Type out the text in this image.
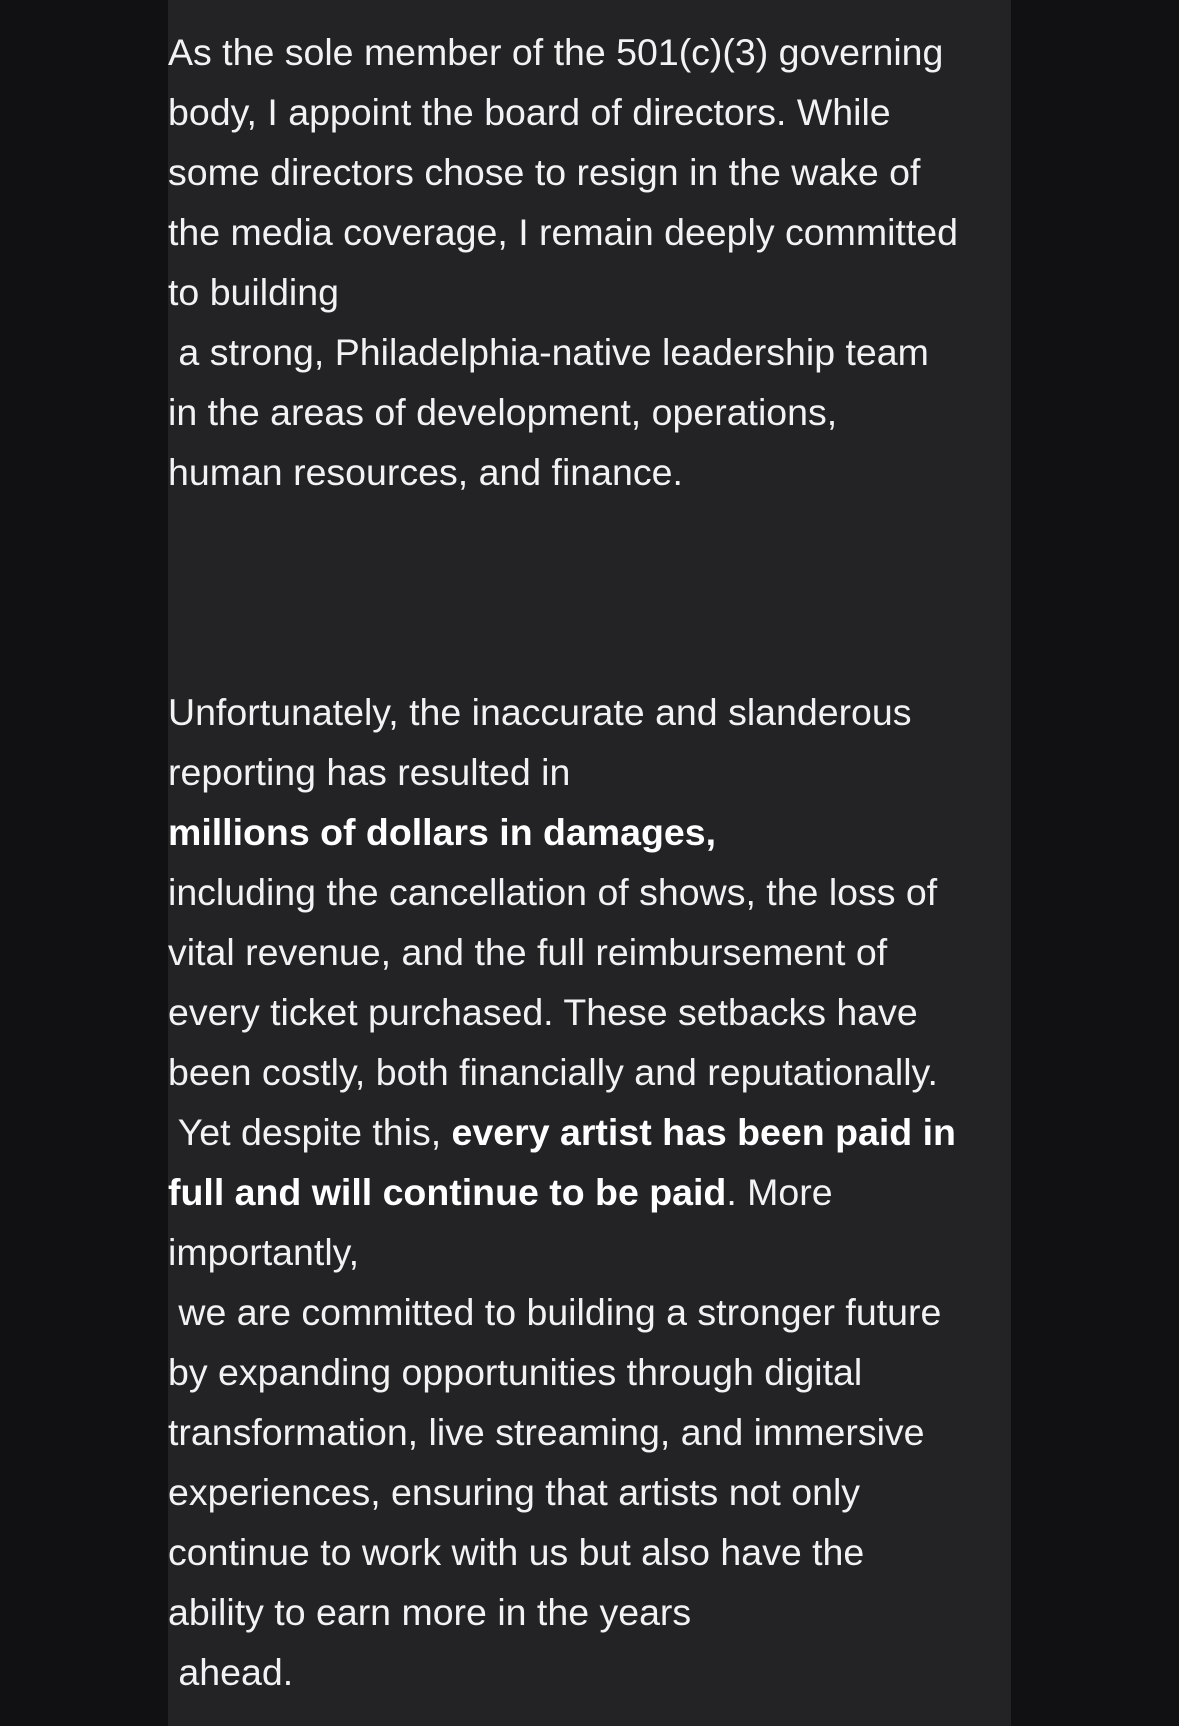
As the sole member of the 501(c)(3) governing
body, I appoint the board of directors. While
some directors chose to resign in the wake of
the media coverage, I remain deeply committed
to building
a strong, Philadelphia-native leadership team
in the areas of development, operations,
human resources, and finance.
Unfortunately, the inaccurate and slanderous
reporting has resulted in
millions of dollars in damages,
including the cancellation of shows, the loss of
vital revenue, and the full reimbursement of
every ticket purchased. These setbacks have
been costly, both financially and reputationally.
Yet despite this, every artist has been paid in
full and will continue to be paid. More
importantly,
we are committed to building a stronger future
by expanding opportunities through digital
transformation, live streaming, and immersive
experiences, ensuring that artists not only
continue to work with us but also have the
ability to earn more in the years
ahead.
